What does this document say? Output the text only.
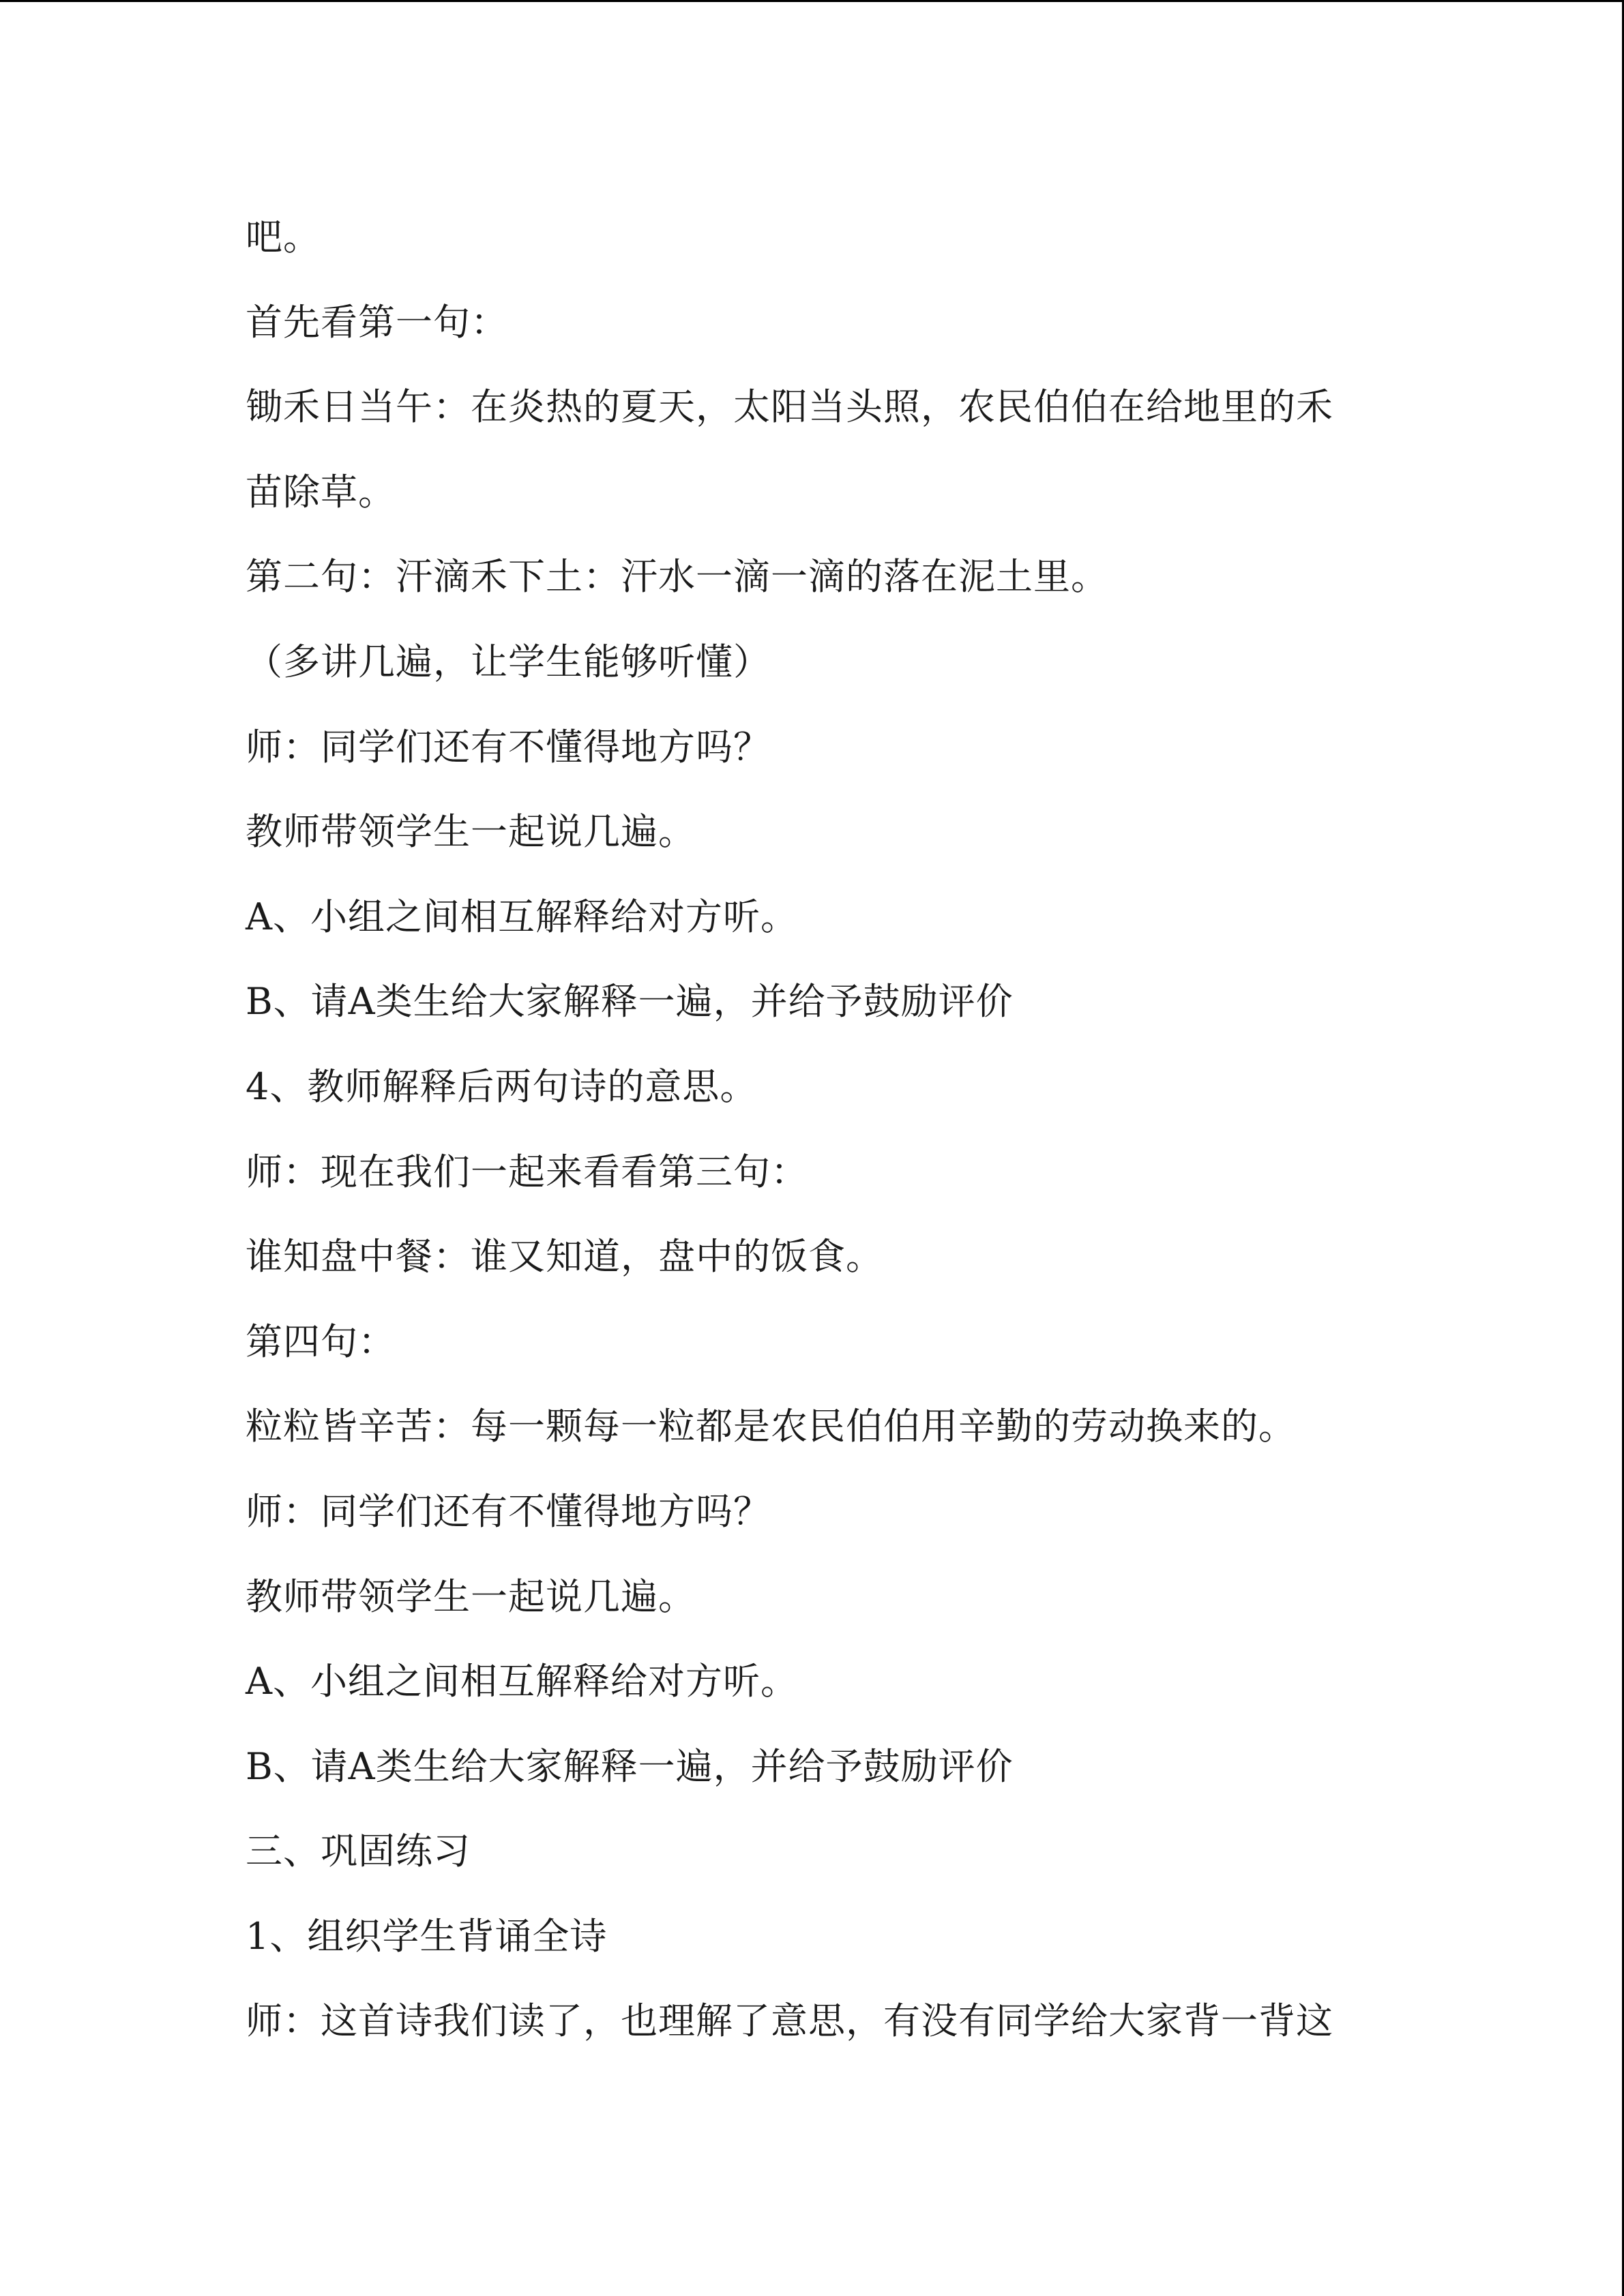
吧。
首先看第一句：
锄禾日当午：在炎热的夏天，太阳当头照，农民伯伯在给地里的禾
苗除草。
第二句：汗滴禾下土：汗水一滴一滴的落在泥土里。
（多讲几遍，让学生能够听懂）
师：同学们还有不懂得地方吗？
教师带领学生一起说几遍。
A、小组之间相互解释给对方听。
B、请A类生给大家解释一遍，并给予鼓励评价
4、教师解释后两句诗的意思。
师：现在我们一起来看看第三句：
谁知盘中餐：谁又知道，盘中的饭食。
第四句：
粒粒皆辛苦：每一颗每一粒都是农民伯伯用辛勤的劳动换来的。
师：同学们还有不懂得地方吗？
教师带领学生一起说几遍。
A、小组之间相互解释给对方听。
B、请A类生给大家解释一遍，并给予鼓励评价
三、巩固练习
1、组织学生背诵全诗
师：这首诗我们读了，也理解了意思，有没有同学给大家背一背这
